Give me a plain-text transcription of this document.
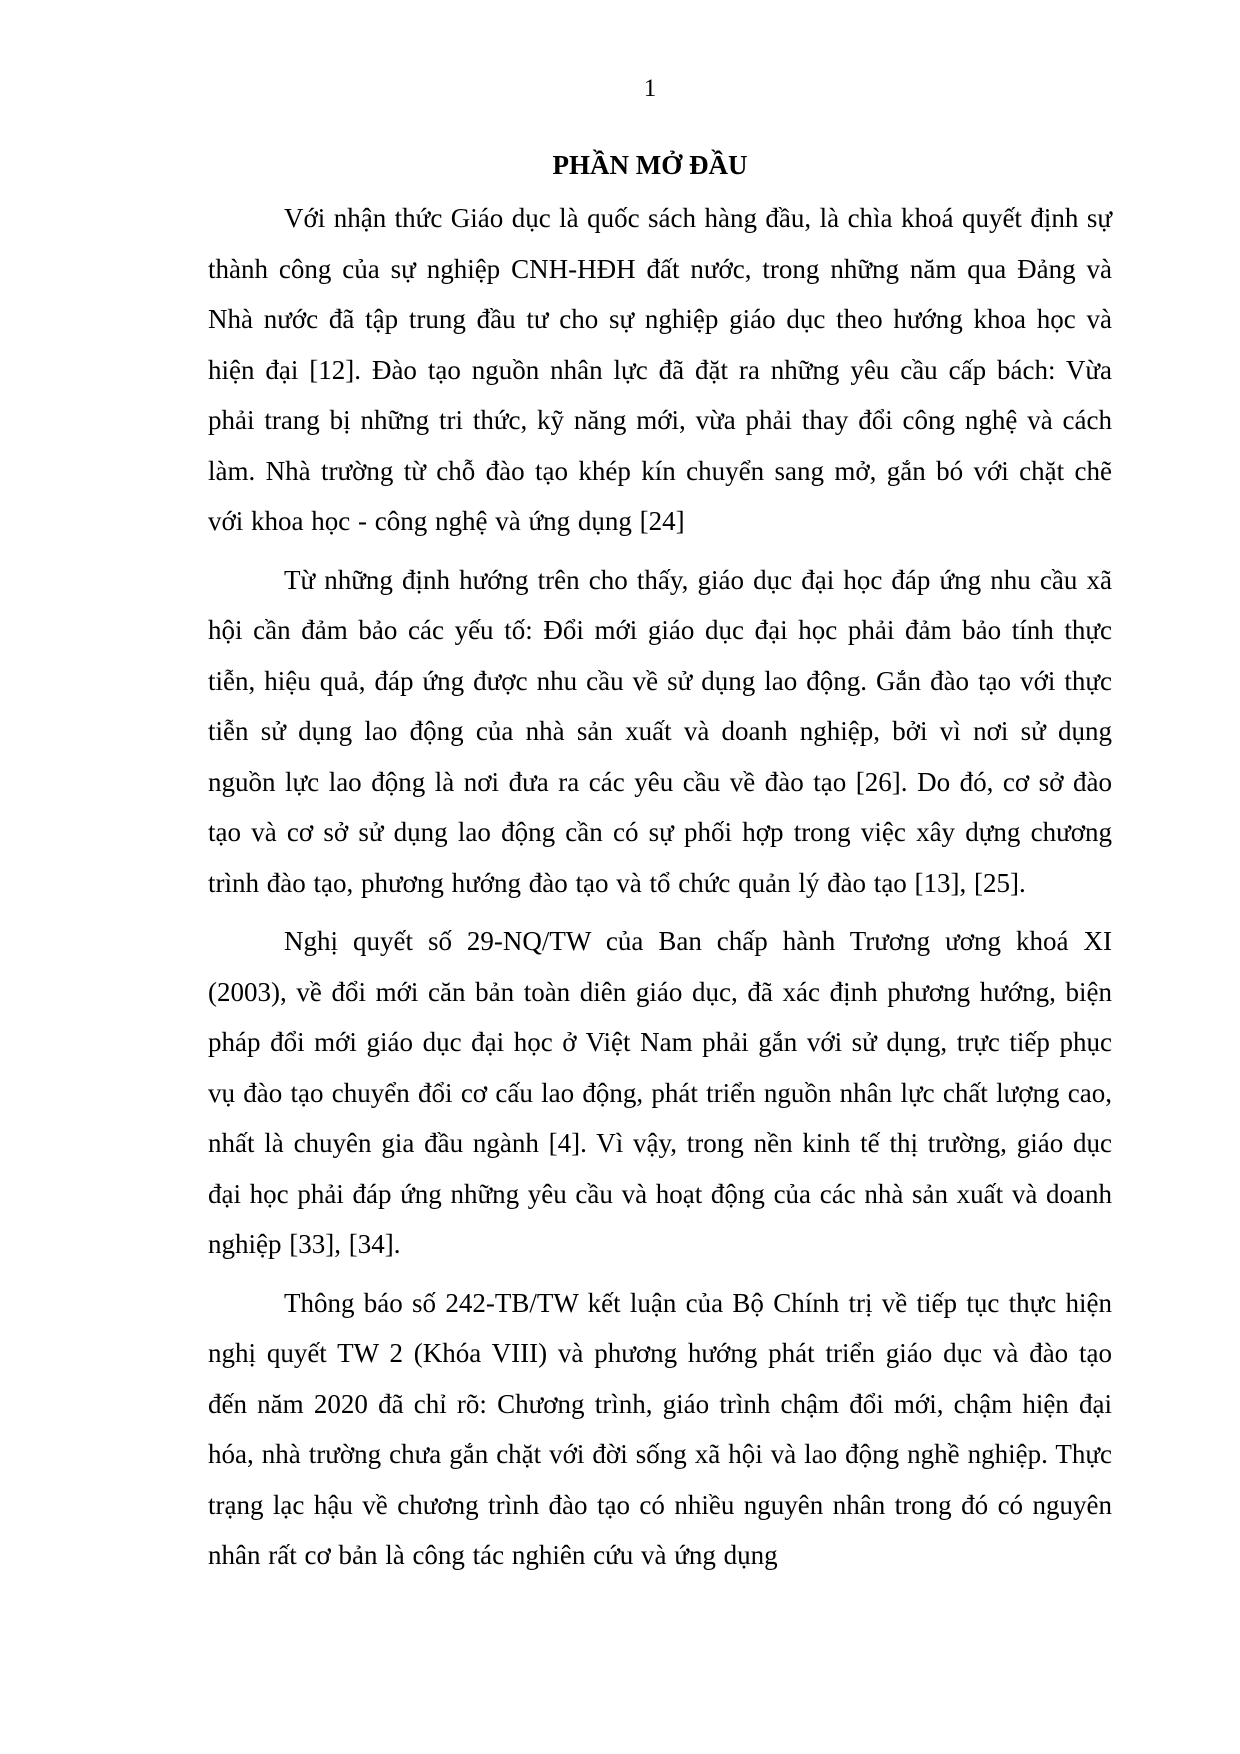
1
PHẦN MỞ ĐẦU

Với nhận thức Giáo dục là quốc sách hàng đầu, là chìa khoá quyết định sự thành công của sự nghiệp CNH-HĐH đất nước, trong những năm qua Đảng và Nhà nước đã tập trung đầu tư cho sự nghiệp giáo dục theo hướng khoa học và hiện đại [12]. Đào tạo nguồn nhân lực đã đặt ra những yêu cầu cấp bách: Vừa phải trang bị những tri thức, kỹ năng mới, vừa phải thay đổi công nghệ và cách làm. Nhà trường từ chỗ đào tạo khép kín chuyển sang mở, gắn bó với chặt chẽ với khoa học - công nghệ và ứng dụng [24]

Từ những định hướng trên cho thấy, giáo dục đại học đáp ứng nhu cầu xã hội cần đảm bảo các yếu tố: Đổi mới giáo dục đại học phải đảm bảo tính thực tiễn, hiệu quả, đáp ứng được nhu cầu về sử dụng lao động. Gắn đào tạo với thực tiễn sử dụng lao động của nhà sản xuất và doanh nghiệp, bởi vì nơi sử dụng nguồn lực lao động là nơi đưa ra các yêu cầu về đào tạo [26]. Do đó, cơ sở đào tạo và cơ sở sử dụng lao động cần có sự phối hợp trong việc xây dựng chương trình đào tạo, phương hướng đào tạo và tổ chức quản lý đào tạo [13], [25].

Nghị quyết số 29-NQ/TW của Ban chấp hành Trương ương khoá XI (2003), về đổi mới căn bản toàn diên giáo dục, đã xác định phương hướng, biện pháp đổi mới giáo dục đại học ở Việt Nam phải gắn với sử dụng, trực tiếp phục vụ đào tạo chuyển đổi cơ cấu lao động, phát triển nguồn nhân lực chất lượng cao, nhất là chuyên gia đầu ngành [4]. Vì vậy, trong nền kinh tế thị trường, giáo dục đại học phải đáp ứng những yêu cầu và hoạt động của các nhà sản xuất và doanh nghiệp [33], [34].

Thông báo số 242-TB/TW kết luận của Bộ Chính trị về tiếp tục thực hiện nghị quyết TW 2 (Khóa VIII) và phương hướng phát triển giáo dục và đào tạo đến năm 2020 đã chỉ rõ: Chương trình, giáo trình chậm đổi mới, chậm hiện đại hóa, nhà trường chưa gắn chặt với đời sống xã hội và lao động nghề nghiệp. Thực trạng lạc hậu về chương trình đào tạo có nhiều nguyên nhân trong đó có nguyên nhân rất cơ bản là công tác nghiên cứu và ứng dụng
